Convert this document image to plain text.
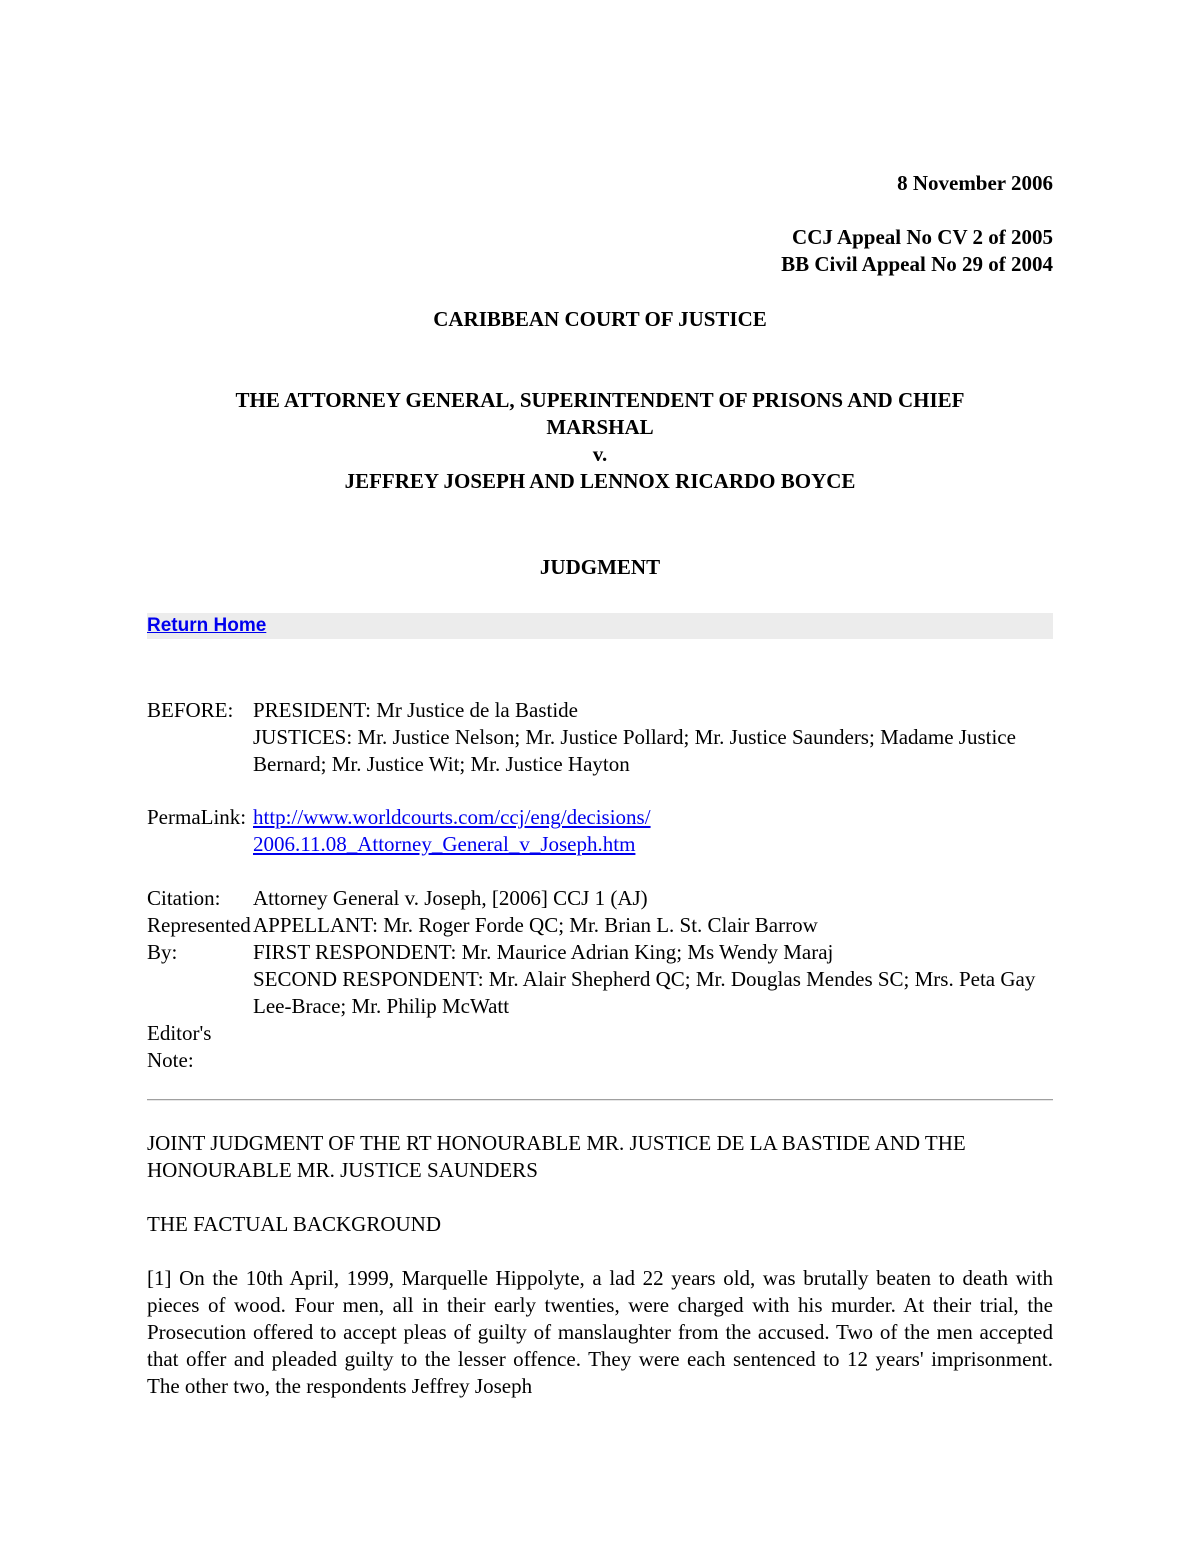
8 November 2006
CCJ Appeal No CV 2 of 2005
BB Civil Appeal No 29 of 2004
CARIBBEAN COURT OF JUSTICE
THE ATTORNEY GENERAL, SUPERINTENDENT OF PRISONS AND CHIEF MARSHAL
v.
JEFFREY JOSEPH AND LENNOX RICARDO BOYCE
JUDGMENT
Return Home
BEFORE: PRESIDENT: Mr Justice de la Bastide
JUSTICES: Mr. Justice Nelson; Mr. Justice Pollard; Mr. Justice Saunders; Madame Justice Bernard; Mr. Justice Wit; Mr. Justice Hayton
PermaLink: http://www.worldcourts.com/ccj/eng/decisions/
2006.11.08_Attorney_General_v_Joseph.htm
Citation:	Attorney General v. Joseph, [2006] CCJ 1 (AJ)
Represented By:
APPELLANT: Mr. Roger Forde QC; Mr. Brian L. St. Clair Barrow
FIRST RESPONDENT: Mr. Maurice Adrian King; Ms Wendy Maraj
SECOND RESPONDENT: Mr. Alair Shepherd QC; Mr. Douglas Mendes SC; Mrs. Peta Gay Lee-Brace; Mr. Philip McWatt
Editor's Note:
JOINT JUDGMENT OF THE RT HONOURABLE MR. JUSTICE DE LA BASTIDE AND THE HONOURABLE MR. JUSTICE SAUNDERS
THE FACTUAL BACKGROUND
[1] On the 10th April, 1999, Marquelle Hippolyte, a lad 22 years old, was brutally beaten to death with pieces of wood. Four men, all in their early twenties, were charged with his murder. At their trial, the Prosecution offered to accept pleas of guilty of manslaughter from the accused. Two of the men accepted that offer and pleaded guilty to the lesser offence. They were each sentenced to 12 years' imprisonment. The other two, the respondents Jeffrey Joseph
